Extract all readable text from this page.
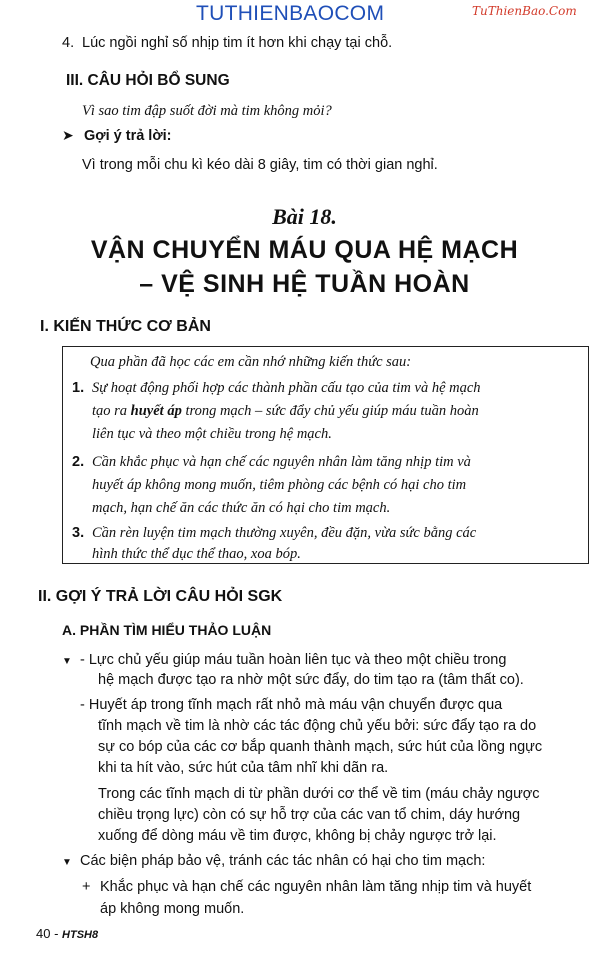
TUTHIENBAOCOM	TuThienBao.Com
4. Lúc ngồi nghỉ số nhịp tim ít hơn khi chạy tại chỗ.
III. CÂU HỎI BỔ SUNG
Vì sao tim đập suốt đời mà tim không mỏi?
➤ Gợi ý trả lời:
Vì trong mỗi chu kì kéo dài 8 giây, tim có thời gian nghỉ.
Bài 18.
VẬN CHUYỂN MÁU QUA HỆ MẠCH
– VỆ SINH HỆ TUẦN HOÀN
I. KIẾN THỨC CƠ BẢN
Qua phần đã học các em cần nhớ những kiến thức sau:
1. Sự hoạt động phối hợp các thành phần cấu tạo của tim và hệ mạch
tạo ra huyết áp trong mạch – sức đẩy chủ yếu giúp máu tuần hoàn
liên tục và theo một chiều trong hệ mạch.
2. Cần khắc phục và hạn chế các nguyên nhân làm tăng nhịp tim và
huyết áp không mong muốn, tiêm phòng các bệnh có hại cho tim
mạch, hạn chế ăn các thức ăn có hại cho tim mạch.
3. Cần rèn luyện tim mạch thường xuyên, đều đặn, vừa sức bằng các
hình thức thể dục thể thao, xoa bóp.
II. GỢI Ý TRẢ LỜI CÂU HỎI SGK
A. PHẦN TÌM HIỂU THẢO LUẬN
▼ - Lực chủ yếu giúp máu tuần hoàn liên tục và theo một chiều trong
hệ mạch được tạo ra nhờ một sức đẩy, do tim tạo ra (tâm thất co).
- Huyết áp trong tĩnh mạch rất nhỏ mà máu vận chuyển được qua
tĩnh mạch về tim là nhờ các tác động chủ yếu bởi: sức đẩy tạo ra do
sự co bóp của các cơ bắp quanh thành mạch, sức hút của lồng ngực
khi ta hít vào, sức hút của tâm nhĩ khi dãn ra.
Trong các tĩnh mạch di từ phần dưới cơ thể về tim (máu chảy ngược
chiều trọng lực) còn có sự hỗ trợ của các van tổ chim, dáy hướng
xuống để dòng máu về tim được, không bị chảy ngược trở lại.
▼ Các biện pháp bảo vệ, tránh các tác nhân có hại cho tim mạch:
+ Khắc phục và hạn chế các nguyên nhân làm tăng nhịp tim và huyết
áp không mong muốn.
40 - HTSH8
